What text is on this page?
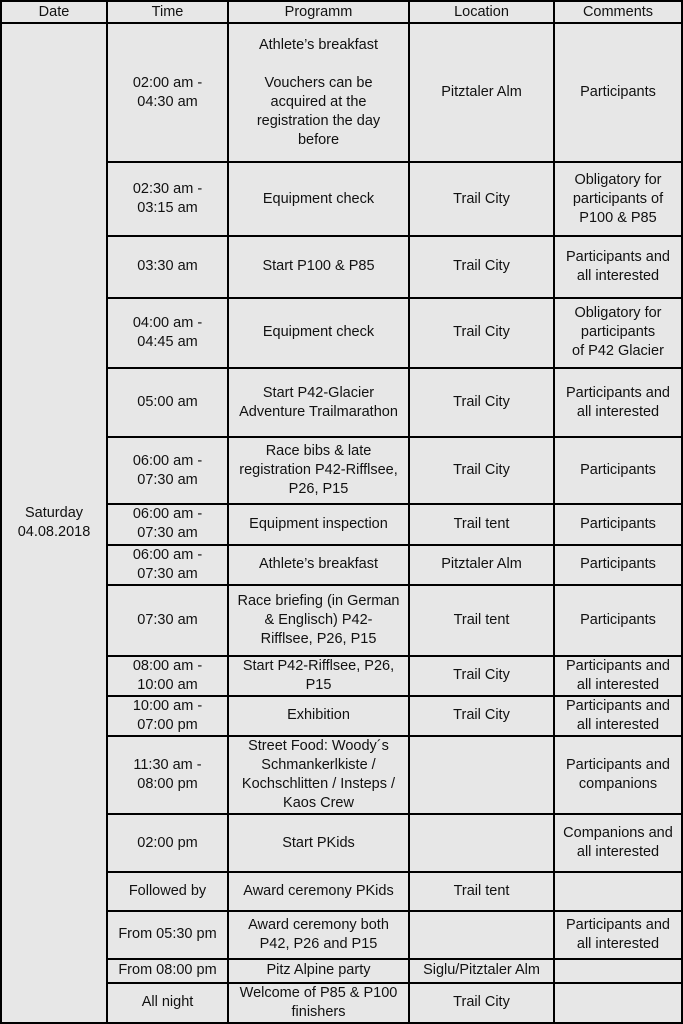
Date	Time	Programm	Location	Comments
Saturday
04.08.2018	02:00 am -
04:30 am	Athlete’s breakfast

Vouchers can be
acquired at the
registration the day
before	Pitztaler Alm	Participants
	02:30 am -
03:15 am	Equipment check	Trail City	Obligatory for
participants of
P100 & P85
	03:30 am	Start P100 & P85	Trail City	Participants and
all interested
	04:00 am -
04:45 am	Equipment check	Trail City	Obligatory for
participants
of P42 Glacier
	05:00 am	Start P42-Glacier
Adventure Trailmarathon	Trail City	Participants and
all interested
	06:00 am -
07:30 am	Race bibs & late
registration P42-Rifflsee,
P26, P15	Trail City	Participants
	06:00 am -
07:30 am	Equipment inspection	Trail tent	Participants
	06:00 am -
07:30 am	Athlete’s breakfast	Pitztaler Alm	Participants
	07:30 am	Race briefing (in German
& Englisch) P42-
Rifflsee, P26, P15	Trail tent	Participants
	08:00 am -
10:00 am	Start P42-Rifflsee, P26,
P15	Trail City	Participants and
all interested
	10:00 am -
07:00 pm	Exhibition	Trail City	Participants and
all interested
	11:30 am -
08:00 pm	Street Food: Woody´s
Schmankerlkiste /
Kochschlitten / Insteps /
Kaos Crew		Participants and
companions
	02:00 pm	Start PKids		Companions and
all interested
	Followed by	Award ceremony PKids	Trail tent	
	From 05:30 pm	Award ceremony both
P42, P26 and P15		Participants and
all interested
	From 08:00 pm	Pitz Alpine party	Siglu/Pitztaler Alm	
	All night	Welcome of P85 & P100
finishers	Trail City	
